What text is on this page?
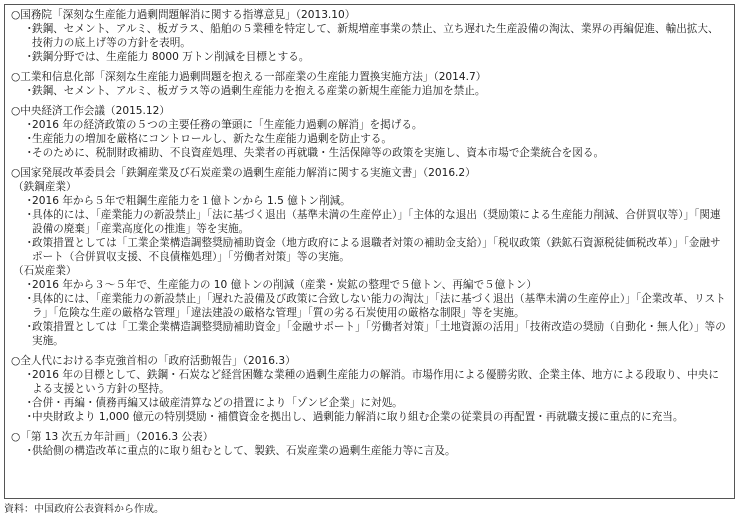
○国務院「深刻な生産能力過剰問題解消に関する指導意見」（2013.10）
・ 鉄鋼、セメント、アルミ、板ガラス、船舶の５業種を特定して、新規増産事業の禁止、立ち遅れた生産設備の淘汰、業界の再編促進、輸出拡大、技術力の底上げ等の方針を表明。
・ 鉄鋼分野では、生産能力 8000 万トン削減を目標とする。
○工業和信息化部「深刻な生産能力過剰問題を抱える一部産業の生産能力置換実施方法」（2014.7）
・ 鉄鋼、セメント、アルミ、板ガラス等の過剰生産能力を抱える産業の新規生産能力追加を禁止。
○中央経済工作会議（2015.12）
・ 2016 年の経済政策の５つの主要任務の筆頭に「生産能力過剰の解消」を掲げる。
・ 生産能力の増加を厳格にコントロールし、新たな生産能力過剰を防止する。
・ そのために、税制財政補助、不良資産処理、失業者の再就職・生活保障等の政策を実施し、資本市場で企業統合を図る。
○国家発展改革委員会「鉄鋼産業及び石炭産業の過剰生産能力解消に関する実施文書」（2016.2）
（鉄鋼産業）
・ 2016 年から５年で粗鋼生産能力を１億トンから 1.5 億トン削減。
・ 具体的には、「産業能力の新設禁止」「法に基づく退出（基準未満の生産停止）」「主体的な退出（奨励策による生産能力削減、合併買収等）」「関連設備の廃棄」「産業高度化の推進」等を実施。
・ 政策措置としては「工業企業構造調整奨励補助資金（地方政府による退職者対策の補助金支給）」「税収政策（鉄鉱石資源税徒価税改革）」「金融サポート（合併買収支援、不良債権処理）」「労働者対策」等の実施。
（石炭産業）
・ 2016 年から３〜５年で、生産能力の 10 億トンの削減（産業・炭鉱の整理で５億トン、再編で５億トン）
・ 具体的には、「産業能力の新設禁止」「遅れた設備及び政策に合致しない能力の淘汰」「法に基づく退出（基準未満の生産停止）」「企業改革、リストラ」「危険な生産の厳格な管理」「違法建設の厳格な管理」「質の劣る石炭使用の厳格な制限」等を実施。
・ 政策措置としては「工業企業構造調整奨励補助資金」「金融サポート」「労働者対策」「土地資源の活用」「技術改造の奨励（自動化・無人化）」等の実施。
○全人代における李克強首相の「政府活動報告」（2016.3）
・ 2016 年の目標として、鉄鋼・石炭など経営困難な業種の過剰生産能力の解消。市場作用による優勝劣敗、企業主体、地方による段取り、中央による支援という方針の堅持。
・ 合併・再編・債務再編又は破産清算などの措置により「ゾンビ企業」に対処。
・ 中央財政より 1,000 億元の特別奨励・補償資金を拠出し、過剰能力解消に取り組む企業の従業員の再配置・再就職支援に重点的に充当。
○「第 13 次五カ年計画」（2016.3 公表）
・ 供給側の構造改革に重点的に取り組むとして、製鉄、石炭産業の過剰生産能力等に言及。
資料：中国政府公表資料から作成。
